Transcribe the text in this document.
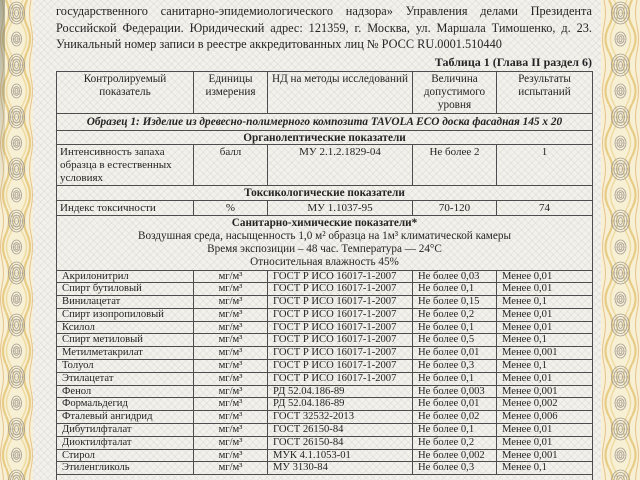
государственного санитарно-эпидемиологического надзора» Управления делами Президента
Российской Федерации. Юридический адрес: 121359, г. Москва, ул. Маршала Тимошенко, д. 23.
Уникальный номер записи в реестре аккредитованных лиц № РОСС RU.0001.510440
Таблица 1 (Глава II раздел 6)
Контролируемый показатель	Единицы измерения	НД на методы исследований	Величина допустимого уровня	Результаты испытаний
Образец 1: Изделие из древесно-полимерного композита TAVOLA ECO доска фасадная 145 x 20				
Органолептические показатели				
Интенсивность запаха образца в естественных условиях	балл	МУ 2.1.2.1829-04	Не более 2	1
Токсикологические показатели				
Индекс токсичности	%	МУ 1.1037-95	70-120	74

Санитарно-химические показатели*
Воздушная среда, насыщенность 1,0 м² образца на 1м³ климатической камеры
Время экспозиции – 48 час. Температура — 24°С
Относительная влажность 45%				

Акрилонитрил	мг/м³	ГОСТ Р ИСО 16017-1-2007	Не более 0,03	Менее 0,01
Спирт бутиловый	мг/м³	ГОСТ Р ИСО 16017-1-2007	Не более 0,1	Менее 0,01
Винилацетат	мг/м³	ГОСТ Р ИСО 16017-1-2007	Не более 0,15	Менее 0,1
Спирт изопропиловый	мг/м³	ГОСТ Р ИСО 16017-1-2007	Не более 0,2	Менее 0,01
Ксилол	мг/м³	ГОСТ Р ИСО 16017-1-2007	Не более 0,1	Менее 0,01
Спирт метиловый	мг/м³	ГОСТ Р ИСО 16017-1-2007	Не более 0,5	Менее 0,1
Метилметакрилат	мг/м³	ГОСТ Р ИСО 16017-1-2007	Не более 0,01	Менее 0,001
Толуол	мг/м³	ГОСТ Р ИСО 16017-1-2007	Не более 0,3	Менее 0,1
Этилацетат	мг/м³	ГОСТ Р ИСО 16017-1-2007	Не более 0,1	Менее 0,01
Фенол	мг/м³	РД 52.04.186-89	Не более 0,003	Менее 0,001
Формальдегид	мг/м³	РД 52.04.186-89	Не более 0,01	Менее 0,002
Фталевый ангидрид	мг/м³	ГОСТ 32532-2013	Не более 0,02	Менее 0,006
Дибутилфталат	мг/м³	ГОСТ 26150-84	Не более 0,1	Менее 0,01
Диоктилфталат	мг/м³	ГОСТ 26150-84	Не более 0,2	Менее 0,01
Стирол	мг/м³	МУК 4.1.1053-01	Не более 0,002	Менее 0,001
Этиленгликоль	мг/м³	МУ 3130-84	Не более 0,3	Менее 0,1
